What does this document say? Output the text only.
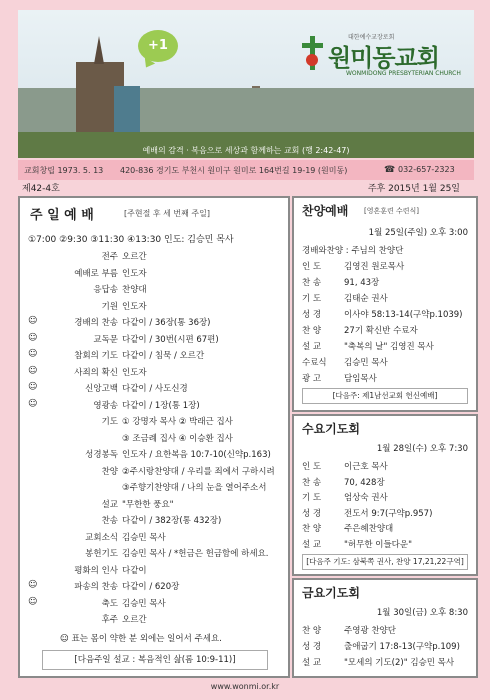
+1
대한예수교장로회
원미동교회
WONMIDONG PRESBYTERIAN CHURCH
예배의 감격 · 복음으로 세상과 함께하는 교회 (행 2:42-47)
교회창립 1973. 5. 13 420-836 경기도 부천시 원미구 원미로 164번길 19-19 (원미동)	☎ 032-657-2323
제42-4호	주후 2015년 1월 25일
주 일 예 배	[주현절 후 세 번째 주일]
①7:00 ②9:30 ③11:30 ④13:30 인도: 김승민 목사
전주 오르간
예배로 부름 인도자
응답송 찬양대
기원 인도자
☺	경배의 찬송 다같이 / 36장(통 36장)
☺	교독문 다같이 / 30번(시편 67편)
☺	참회의 기도 다같이 / 침묵 / 오르간
☺	사죄의 확신 인도자
☺	신앙고백 다같이 / 사도신경
☺	영광송 다같이 / 1장(통 1장)
기도 ① 강명자 목사 ② 박래근 집사
③ 조금례 집사 ④ 이승환 집사
성경봉독 인도자 / 요한복음 10:7-10(신약p.163)
찬양 ②주시랑찬양대 / 우리를 죄에서 구하시려
③주향기찬양대 / 나의 눈을 열어주소서
설교 "무한한 풍요"
찬송 다같이 / 382장(통 432장)
교회소식 김승민 목사
봉헌기도 김승민 목사 / *헌금은 헌금함에 하세요.
평화의 인사 다같이
☺	파송의 찬송 다같이 / 620장
☺	축도 김승민 목사
후주 오르간
☺ 표는 몸이 약한 분 외에는 일어서 주세요.
[다음주일 설교 : 복음적인 삶(롬 10:9-11)]
찬양예배 [영혼훈련 수련식]
1월 25일(주일) 오후 3:00
경배와찬양 : 주님의 찬양단
인 도	김영진 원로목사
찬 송	91, 43장
기 도	김태순 권사
성 경	이사야 58:13-14(구약p.1039)
찬 양	27기 확신반 수료자
설 교	"축복의 날" 김영진 목사
수료식 김승민 목사
광 고	담임목사
[다음주: 제1남선교회 헌신예배]
수요기도회
1월 28일(수) 오후 7:30
인 도	이근호 목사
찬 송	70, 428장
기 도	엄상숙 권사
성 경	전도서 9:7(구약p.957)
찬 양	주은혜찬양대
설 교	"허무한 이들다운"
[다음주 기도: 삼북쪽 권사, 찬양 17,21,22구역]
금요기도회
1월 30일(금) 오후 8:30
찬 양	주영광 찬양단
성 경	출애굽기 17:8-13(구약p.109)
설 교	"모세의 기도(2)" 김승민 목사
www.wonmi.or.kr
